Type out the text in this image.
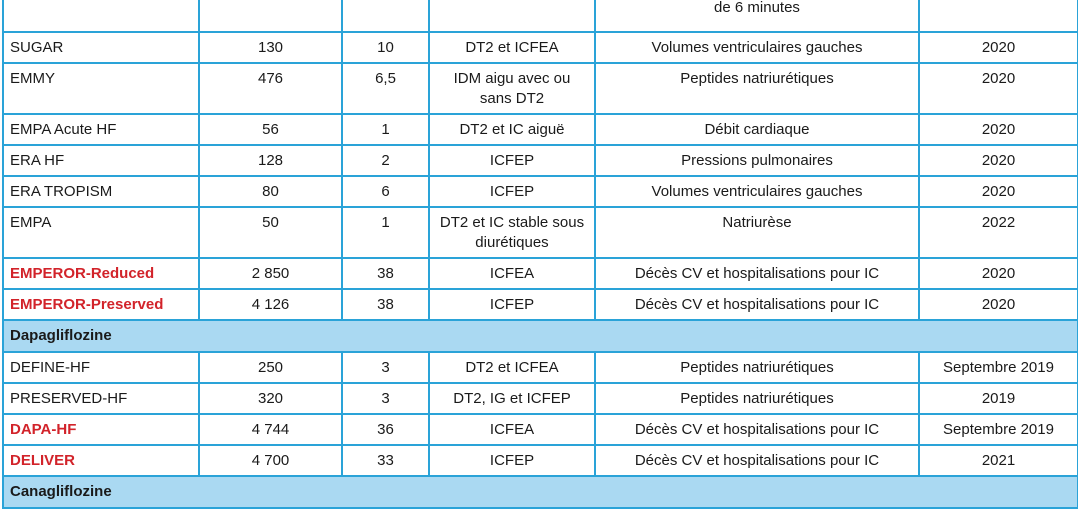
				de 6 minutes	
SUGAR	130	10	DT2 et ICFEA	Volumes ventriculaires gauches	2020
EMMY	476	6,5	IDM aigu avec ou sans DT2	Peptides natriurétiques	2020
EMPA Acute HF	56	1	DT2 et IC aiguë	Débit cardiaque	2020
ERA HF	128	2	ICFEP	Pressions pulmonaires	2020
ERA TROPISM	80	6	ICFEP	Volumes ventriculaires gauches	2020
EMPA	50	1	DT2 et IC stable sous diurétiques	Natriurèse	2022
EMPEROR-Reduced	2 850	38	ICFEA	Décès CV et hospitalisations pour IC	2020
EMPEROR-Preserved	4 126	38	ICFEP	Décès CV et hospitalisations pour IC	2020
Dapagliflozine					
DEFINE-HF	250	3	DT2 et ICFEA	Peptides natriurétiques	Septembre 2019
PRESERVED-HF	320	3	DT2, IG et ICFEP	Peptides natriurétiques	2019
DAPA-HF	4 744	36	ICFEA	Décès CV et hospitalisations pour IC	Septembre 2019
DELIVER	4 700	33	ICFEP	Décès CV et hospitalisations pour IC	2021
Canagliflozine					
